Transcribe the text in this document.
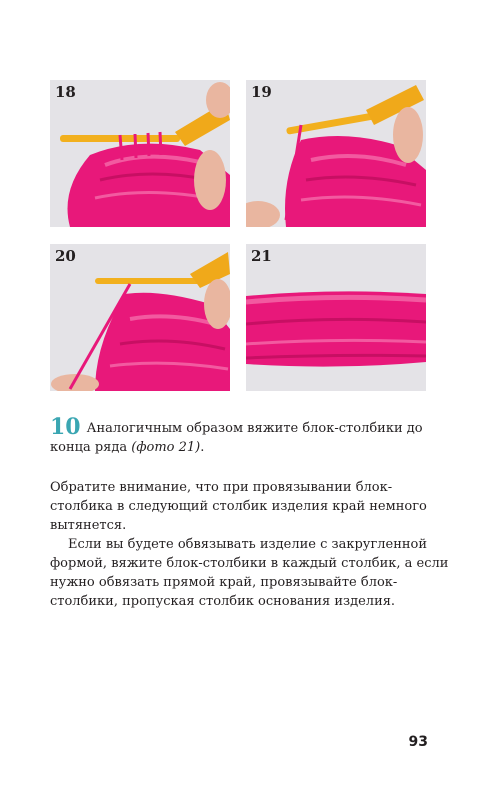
18	19
20	21
10 Аналогичным образом вяжите блок-столбики до конца ряда (фото 21).

Обратите внимание, что при провязывании блок-столбика в следующий столбик изделия край немного вытянется.

Если вы будете обвязывать изделие с закругленной формой, вяжите блок-столбики в каждый столбик, а если нужно обвязать прямой край, провязывайте блок-столбики, пропуская столбик основания изделия.

93
